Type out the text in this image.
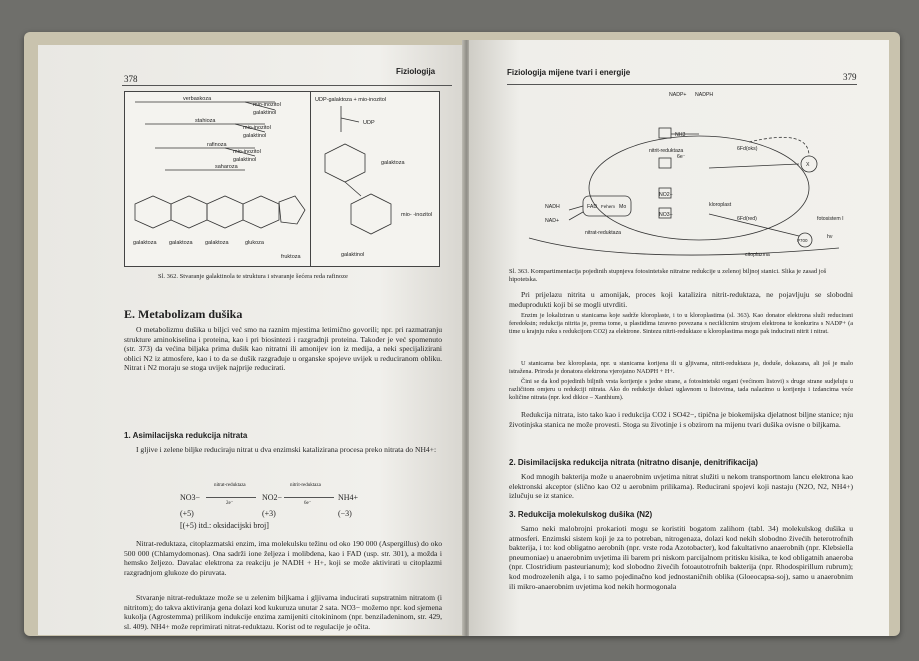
378
Fiziologija
verbaskoza
mio-inozitol
galaktinol
stahioza
mio-inozitol
galaktinol
rafinoza
mio-inozitol
galaktinol
saharoza
galaktoza galaktoza galaktoza	glukoza
fruktoza
UDP-galaktoza + mio-inozitol
UDP
galaktoza
mio- -inozitol
galaktinol
Sl. 362. Stvaranje galaktinola te struktura i stvaranje šećera reda rafinoze
E. Metabolizam dušika
O metabolizmu dušika u biljci već smo na raznim mjestima letimično govorili; npr. pri razmatranju strukture aminokiselina i proteina, kao i pri biosintezi i razgradnji proteina. Također je već spomenuto (str. 373) da većina biljaka prima dušik kao nitratni ili amonijev ion iz medija, a neki specijalizirani oblici N2 iz atmosfere, kao i to da se dušik razgrađuje u organske spojeve uvijek u reduciranom obliku. Nitrat i N2 moraju se stoga uvijek najprije reducirati.
1. Asimilacijska redukcija nitrata
I gljive i zelene biljke reduciraju nitrat u dva enzimski katalizirana procesa preko nitrata do NH4+:
NO3−
nitrat-reduktaza
2e⁻
NO2−
nitrit-reduktaza
6e⁻
NH4+
(+5)	(+3)	(−3)
[(+5) itd.: oksidacijski broj]
Nitrat-reduktaza, citoplazmatski enzim, ima molekulsku težinu od oko 190 000 (Aspergillus) do oko 500 000 (Chlamydomonas). Ona sadrži ione željeza i molibdena, kao i FAD (usp. str. 301), a možda i hemsko željezo. Davalac elektrona za reakciju je NADH + H+, koji se može aktivirati u citoplazmi razgradnjom glukoze do piruvata.
Stvaranje nitrat-reduktaze može se u zelenim biljkama i gljivama inducirati supstratnim nitratom (i nitritom); do takva aktiviranja gena dolazi kod kukuruza unutar 2 sata. NO3− možemo npr. kod sjemena kukolja (Agrostemma) prilikom indukcije enzima zamijeniti citokininom (npr. benziladeninom, str. 429, sl. 409). NH4+ može reprimirati nitrat-reduktazu. Korist od te regulacije je očita.
Fiziologija mijene tvari i energije	379
NADP+ NADPH
NH3
nitrit-reduktaza	6Fd(oks)
6Fd(red)
X
P700
fotosistem I
NADH
NAD+
FAD Fehem Mo
NO2−
NO3−
nitrat-reduktaza
kloroplast
citoplazma
6e⁻
hν
Sl. 363. Kompartimentacija pojedinih stupnjeva fotosintetske nitratne redukcije u zelenoj biljnoj stanici. Slika je zasad još hipotetska.
Pri prijelazu nitrita u amonijak, proces koji katalizira nitrit-reduktaza, ne pojavljuju se slobodni međuprodukti koji bi se mogli utvrditi.
Enzim je lokaliziran u stanicama koje sadrže kloroplaste, i to u kloroplastima (sl. 363). Kao donator elektrona služi reducirani feredoksin; redukcija nitrita je, prema tome, u plastidima izravno povezana s neciklicnim strujom elektrona te konkurira s NADP+ (a time u krajnju ruku s redukcijom CO2) za elektrone. Sintezu nitrit-reduktaze u kloroplastima mogu pak inducirati nitrit i nitrat.
U stanicama bez kloroplasta, npr. u stanicama korijena ili u gljivama, nitrit-reduktaza je, doduše, dokazana, ali još je malo istražena. Priroda je donatora elektrona vjerojatno NADPH + H+.
Čini se da kod pojedinih biljnih vrsta korijenje s jedne strane, a fotosintetski organi (većinom listovi) s druge strane sudjeluju u različitom omjeru u redukciji nitrata. Ako do redukcije dolazi uglavnom u listovima, tada nalazimo u korijenju i izdancima većе količine nitrata (npr. kod dikice – Xanthium).
Redukcija nitrata, isto tako kao i redukcija CO2 i SO42−, tipična je biokemijska djelatnost biljne stanice; nju životinjska stanica ne može provesti. Stoga su životinje i s obzirom na mijenu tvari dušika ovisne o biljkama.
2. Disimilacijska redukcija nitrata (nitratno disanje, denitrifikacija)
Kod mnogih bakterija može u anaerobnim uvjetima nitrat služiti u nekom transportnom lancu elektrona kao elektronski akceptor (slično kao O2 u aerobnim prilikama). Reducirani spojevi koji nastaju (N2O, N2, NH4+) izlučuju se iz stanice.
3. Redukcija molekulskog dušika (N2)
Samo neki malobrojni prokarioti mogu se koristiti bogatom zalihom (tabl. 34) molekulskog dušika u atmosferi. Enzimski sistem koji je za to potreban, nitrogenaza, dolazi kod nekih slobodno živećih heterotrofnih bakterija, i to: kod obligatno aerobnih (npr. vrste roda Azotobacter), kod fakultativno anaerobnih (npr. Klebsiella pneumoniae) u anaerobnim uvjetima ili barem pri niskom parcijalnom pritisku kisika, te kod obligatnih anaeroba (npr. Clostridium pasteurianum); kod slobodno živećih fotoautotrofnih bakterija (npr. Rhodospirillum rubrum); kod modrozelenih alga, i to samo pojedinačno kod jednostaničnih oblika (Gloeocapsa-soj), samo u anaerobnim ili mikro-anaerobnim uvjetima kod nekih hormogonala
